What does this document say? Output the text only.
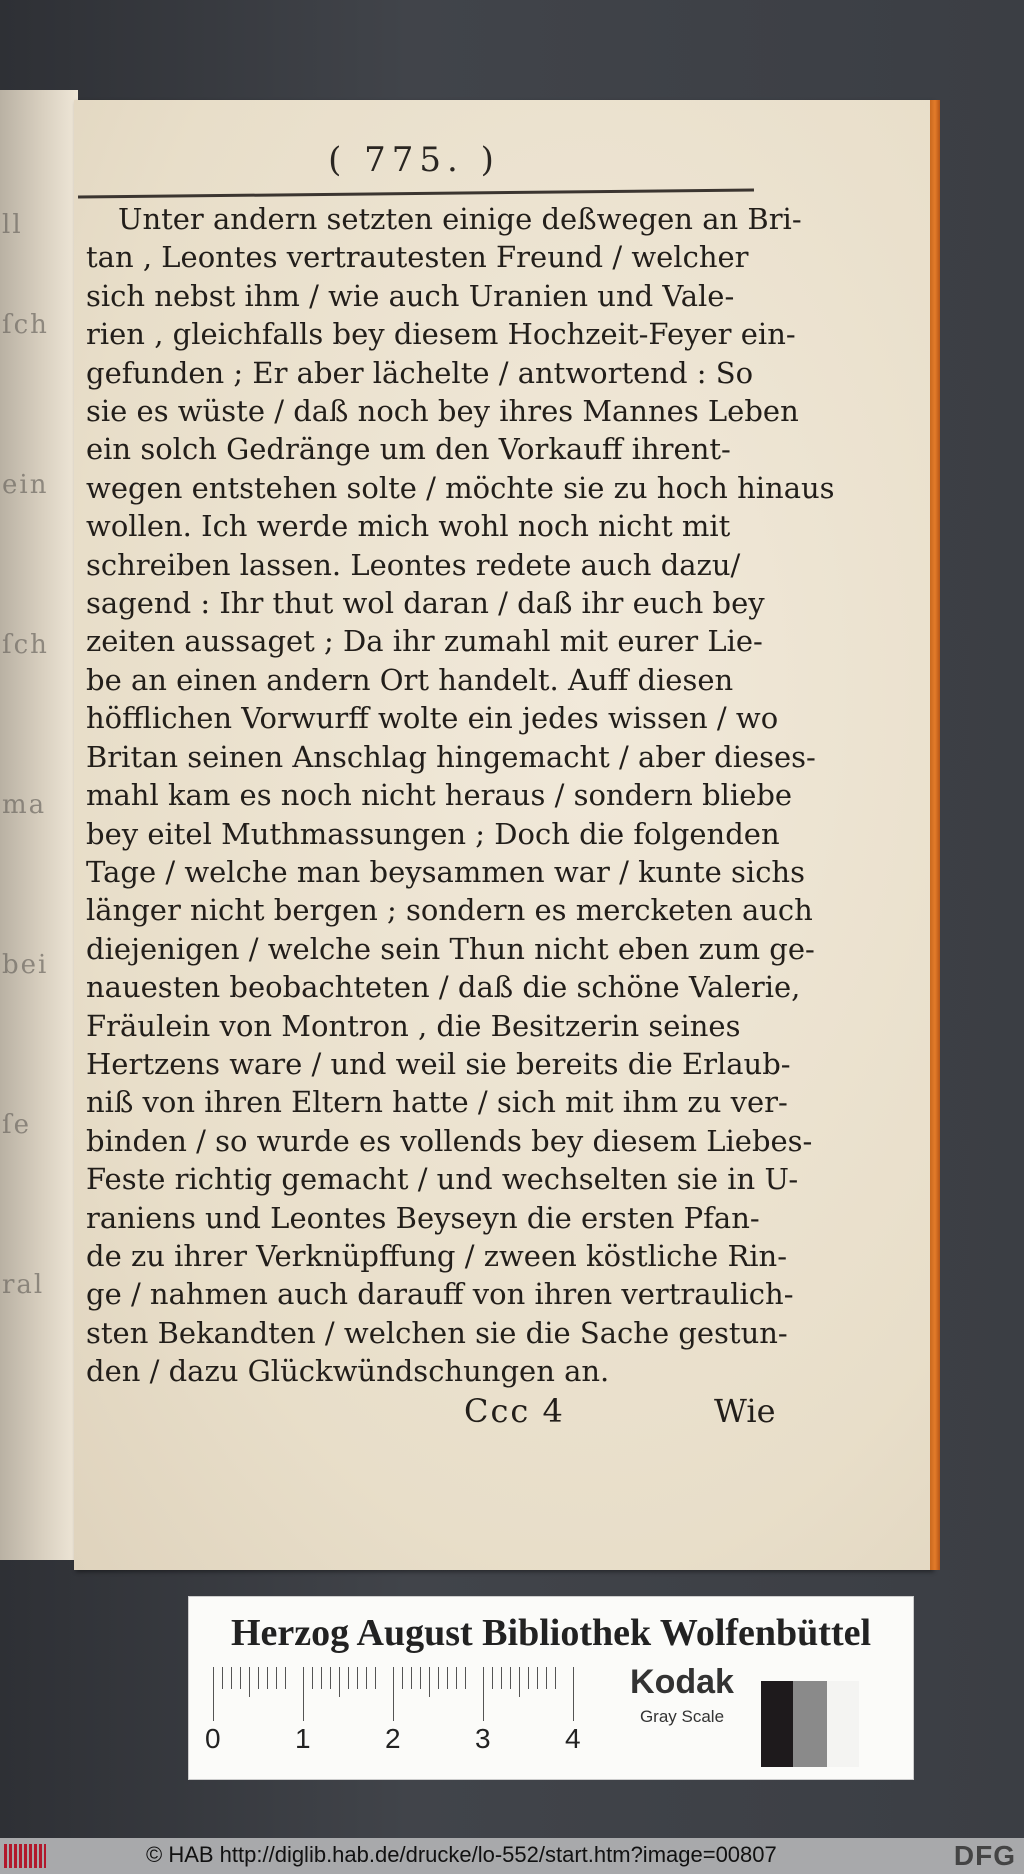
ll
ſch
ein
ſch
ma
bei
ſe
ral
( 775. )
Unter andern setzten einige deßwegen an Bri-
tan , Leontes vertrautesten Freund / welcher
sich nebst ihm / wie auch Uranien und Vale-
rien , gleichfalls bey diesem Hochzeit-Feyer ein-
gefunden ; Er aber lächelte / antwortend : So
sie es wüste / daß noch bey ihres Mannes Leben
ein solch Gedränge um den Vorkauff ihrent-
wegen entstehen solte / möchte sie zu hoch hinaus
wollen. Ich werde mich wohl noch nicht mit
schreiben lassen. Leontes redete auch dazu/
sagend : Ihr thut wol daran / daß ihr euch bey
zeiten aussaget ; Da ihr zumahl mit eurer Lie-
be an einen andern Ort handelt. Auff diesen
höfflichen Vorwurff wolte ein jedes wissen / wo
Britan seinen Anschlag hingemacht / aber dieses-
mahl kam es noch nicht heraus / sondern bliebe
bey eitel Muthmassungen ; Doch die folgenden
Tage / welche man beysammen war / kunte sichs
länger nicht bergen ; sondern es mercketen auch
diejenigen / welche sein Thun nicht eben zum ge-
nauesten beobachteten / daß die schöne Valerie,
Fräulein von Montron , die Besitzerin seines
Hertzens ware / und weil sie bereits die Erlaub-
niß von ihren Eltern hatte / sich mit ihm zu ver-
binden / so wurde es vollends bey diesem Liebes-
Feste richtig gemacht / und wechselten sie in U-
raniens und Leontes Beyseyn die ersten Pfan-
de zu ihrer Verknüpffung / zween köstliche Rin-
ge / nahmen auch darauff von ihren vertraulich-
sten Bekandten / welchen sie die Sache gestun-
den / dazu Glückwündschungen an.
Ccc 4	Wie
Herzog August Bibliothek Wolfenbüttel
0	1	2	3	4
Kodak
Gray Scale
© HAB http://diglib.hab.de/drucke/lo-552/start.htm?image=00807	DFG
